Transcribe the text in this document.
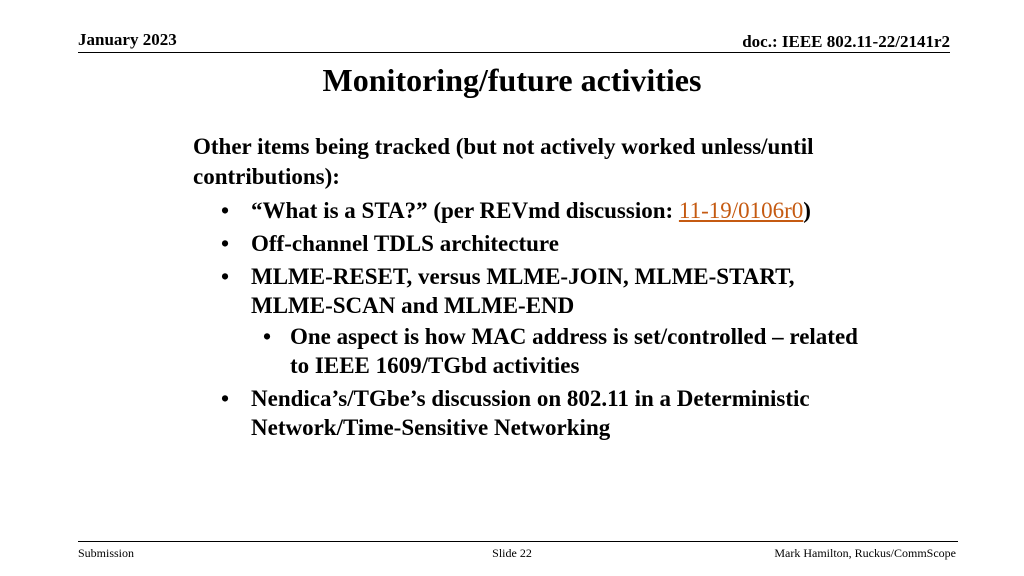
January 2023	doc.: IEEE 802.11-22/2141r2
Monitoring/future activities

Other items being tracked (but not actively worked unless/until contributions):

• “What is a STA?” (per REVmd discussion: 11-19/0106r0)
• Off-channel TDLS architecture
• MLME-RESET, versus MLME-JOIN, MLME-START, MLME-SCAN and MLME-END
• One aspect is how MAC address is set/controlled – related to IEEE 1609/TGbd activities
• Nendica’s/TGbe’s discussion on 802.11 in a Deterministic Network/Time-Sensitive Networking
Submission	Slide 22	Mark Hamilton, Ruckus/CommScope
